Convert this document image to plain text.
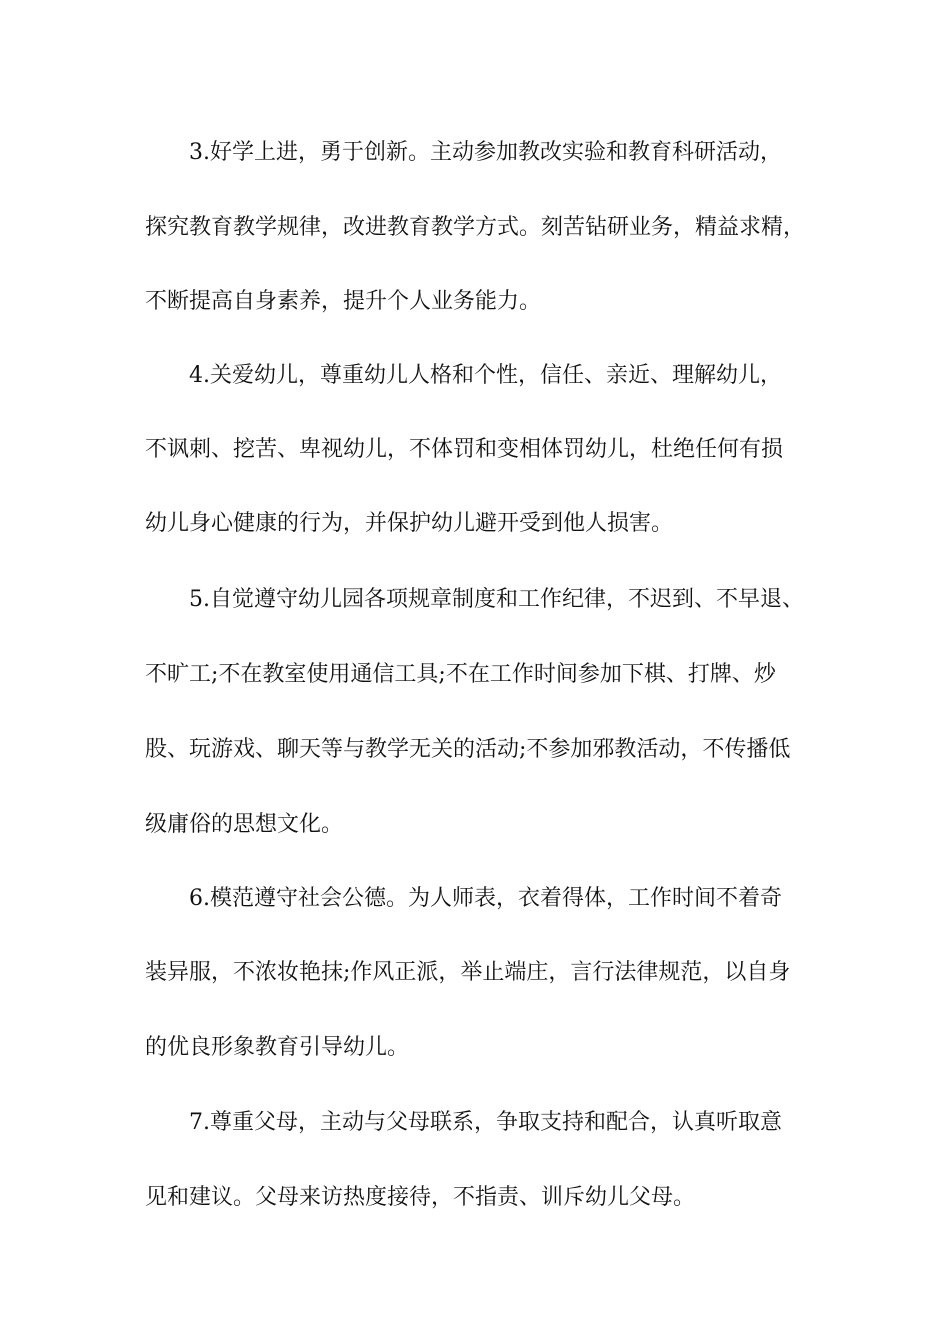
3.好学上进，勇于创新。主动参加教改实验和教育科研活动，
探究教育教学规律，改进教育教学方式。刻苦钻研业务，精益求精，
不断提高自身素养，提升个人业务能力。
4.关爱幼儿，尊重幼儿人格和个性，信任、亲近、理解幼儿，
不讽刺、挖苦、卑视幼儿，不体罚和变相体罚幼儿，杜绝任何有损
幼儿身心健康的行为，并保护幼儿避开受到他人损害。
5.自觉遵守幼儿园各项规章制度和工作纪律，不迟到、不早退、
不旷工;不在教室使用通信工具;不在工作时间参加下棋、打牌、炒
股、玩游戏、聊天等与教学无关的活动;不参加邪教活动，不传播低
级庸俗的思想文化。
6.模范遵守社会公德。为人师表，衣着得体，工作时间不着奇
装异服，不浓妆艳抹;作风正派，举止端庄，言行法律规范，以自身
的优良形象教育引导幼儿。
7.尊重父母，主动与父母联系，争取支持和配合，认真听取意
见和建议。父母来访热度接待，不指责、训斥幼儿父母。
